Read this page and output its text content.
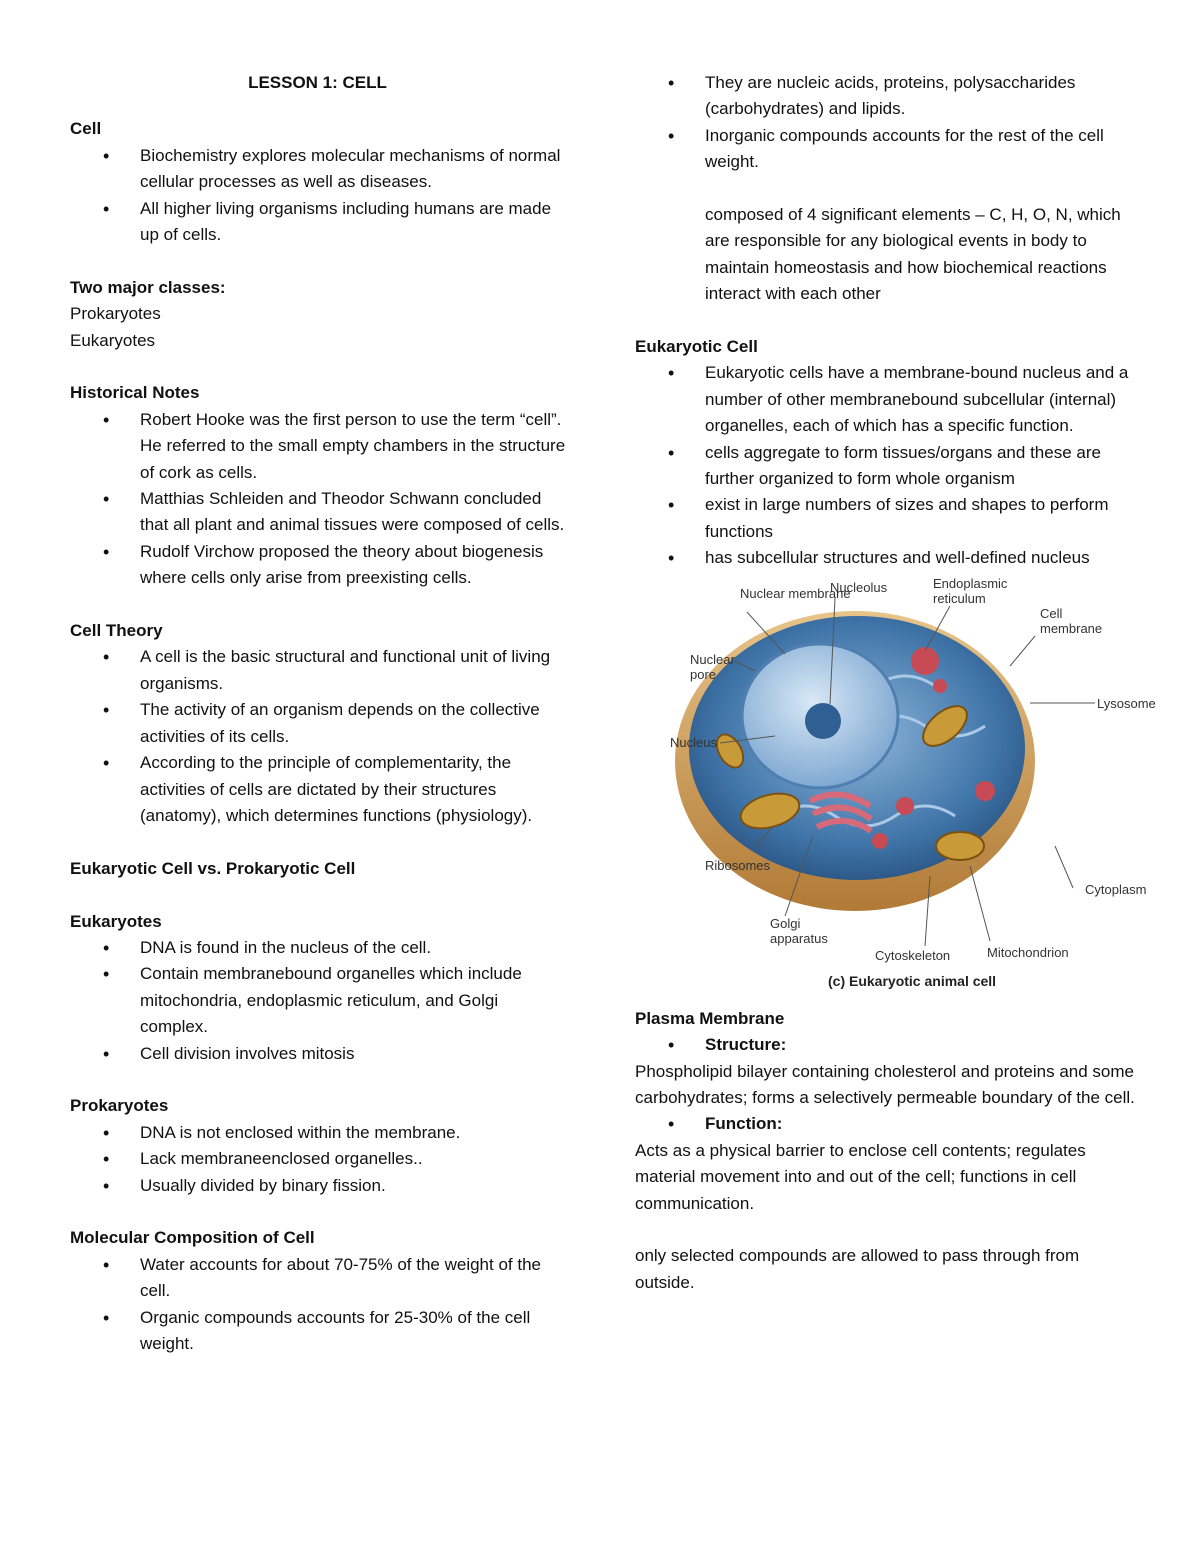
LESSON 1: CELL
Cell
• Biochemistry explores molecular mechanisms of normal cellular processes as well as diseases.
• All higher living organisms including humans are made up of cells.
Two major classes:

Prokaryotes

Eukaryotes

Historical Notes
• Robert Hooke was the first person to use the term “cell”. He referred to the small empty chambers in the structure of cork as cells.
• Matthias Schleiden and Theodor Schwann concluded that all plant and animal tissues were composed of cells.
• Rudolf Virchow proposed the theory about biogenesis where cells only arise from preexisting cells.
Cell Theory
• A cell is the basic structural and functional unit of living organisms.
• The activity of an organism depends on the collective activities of its cells.
• According to the principle of complementarity, the activities of cells are dictated by their structures (anatomy), which determines functions (physiology).
Eukaryotic Cell vs. Prokaryotic Cell
Eukaryotes
• DNA is found in the nucleus of the cell.
• Contain membranebound organelles which include mitochondria, endoplasmic reticulum, and Golgi complex.
• Cell division involves mitosis
Prokaryotes
• DNA is not enclosed within the membrane.
• Lack membraneenclosed organelles..
• Usually divided by binary fission.
Molecular Composition of Cell
• Water accounts for about 70-75% of the weight of the cell.
• Organic compounds accounts for 25-30% of the cell weight.
• They are nucleic acids, proteins, polysaccharides (carbohydrates) and lipids.
• Inorganic compounds accounts for the rest of the cell weight.

composed of 4 significant elements – C, H, O, N, which are responsible for any biological events in body to maintain homeostasis and how biochemical reactions interact with each other

Eukaryotic Cell
• Eukaryotic cells have a membrane-bound nucleus and a number of other membranebound subcellular (internal) organelles, each of which has a specific function.
• cells aggregate to form tissues/organs and these are further organized to form whole organism
• exist in large numbers of sizes and shapes to perform functions
• has subcellular structures and well-defined nucleus
Nuclear membrane
Nucleolus	Endoplasmic reticulum
Cell membrane
Nuclear pore
Lysosome
Nucleus
Ribosomes
Cytoplasm
Golgi apparatus
Cytoskeleton	Mitochondrion
(c) Eukaryotic animal cell
Plasma Membrane
• Structure:

Phospholipid bilayer containing cholesterol and proteins and some carbohydrates; forms a selectively permeable boundary of the cell.

• Function:

Acts as a physical barrier to enclose cell contents; regulates material movement into and out of the cell; functions in cell communication.

only selected compounds are allowed to pass through from outside.
